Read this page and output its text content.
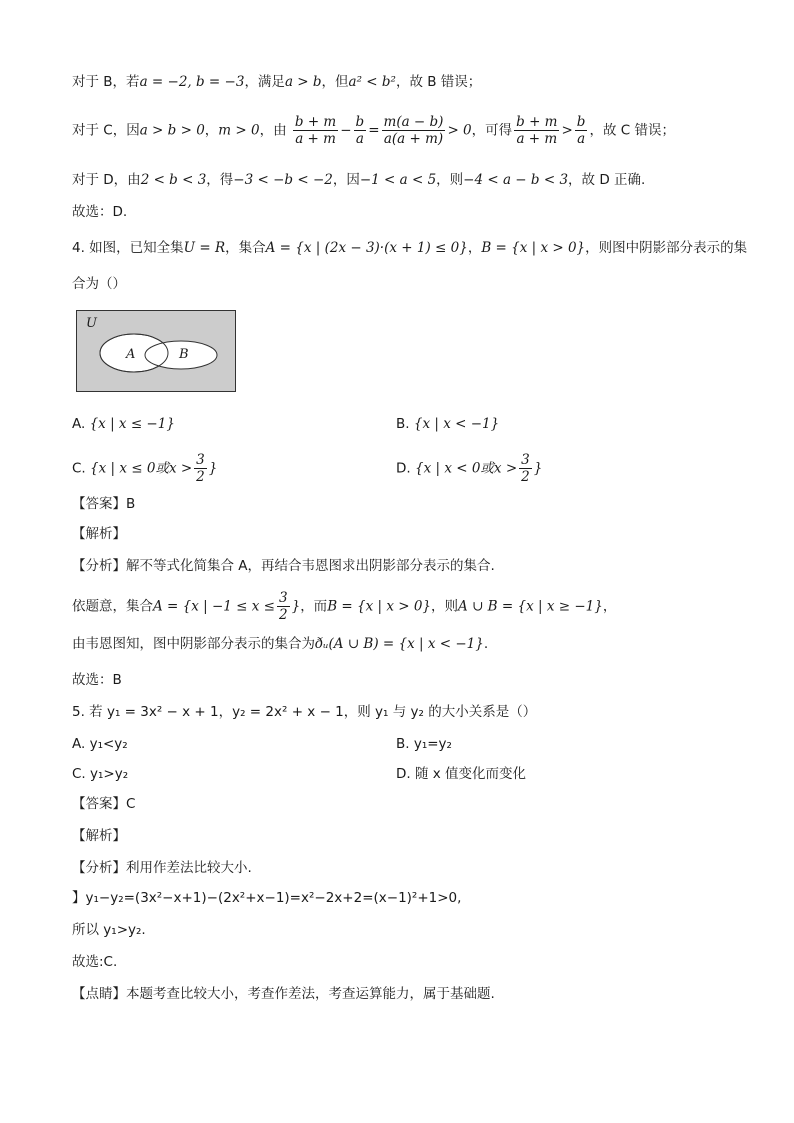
对于 B，若a = −2, b = −3，满足a > b，但a² < b²，故 B 错误；
对于 C，因a > b > 0，m > 0，由 $\frac{b + m}{a + m} - \frac{b}{a} = \frac{m(a - b)}{a(a + m)} > 0$，可得 $\frac{b + m}{a + m} > \frac{b}{a}$ ，故 C 错误；
对于 D，由2 < b < 3，得−3 < −b < −2，因−1 < a < 5，则−4 < a − b < 3，故 D 正确.
故选：D.
4. 如图，已知全集U = R，集合A = {x | (2x − 3)·(x + 1) ≤ 0}，B = {x | x > 0}，则图中阴影部分表示的集
合为（）
U
A	B
A. {x | x ≤ −1}	B. {x | x < −1}
C. {x | x ≤ 0或$x > \frac{3}{2}$ }	D. {x | x < 0或$x > \frac{3}{2}$ }
【答案】B
【解析】
【分析】解不等式化简集合 A，再结合韦恩图求出阴影部分表示的集合.
依题意，集合A = {x | $-1 \le x \le \frac{3}{2}$ }，而B = {x | x > 0}，则A ∪ B = {x | x ≥ −1}，
由韦恩图知，图中阴影部分表示的集合为ðᵤ(A ∪ B) = {x | x < −1}.
故选：B
5. 若 y₁ = 3x² − x + 1，y₂ = 2x² + x − 1，则 y₁ 与 y₂ 的大小关系是（）
A. y₁<y₂	B. y₁=y₂
C. y₁>y₂	D. 随 x 值变化而变化
【答案】C
【解析】
【分析】利用作差法比较大小.
】y₁−y₂=(3x²−x+1)−(2x²+x−1)=x²−2x+2=(x−1)²+1>0,
所以 y₁>y₂.
故选:C.
【点睛】本题考查比较大小，考查作差法，考查运算能力，属于基础题.
